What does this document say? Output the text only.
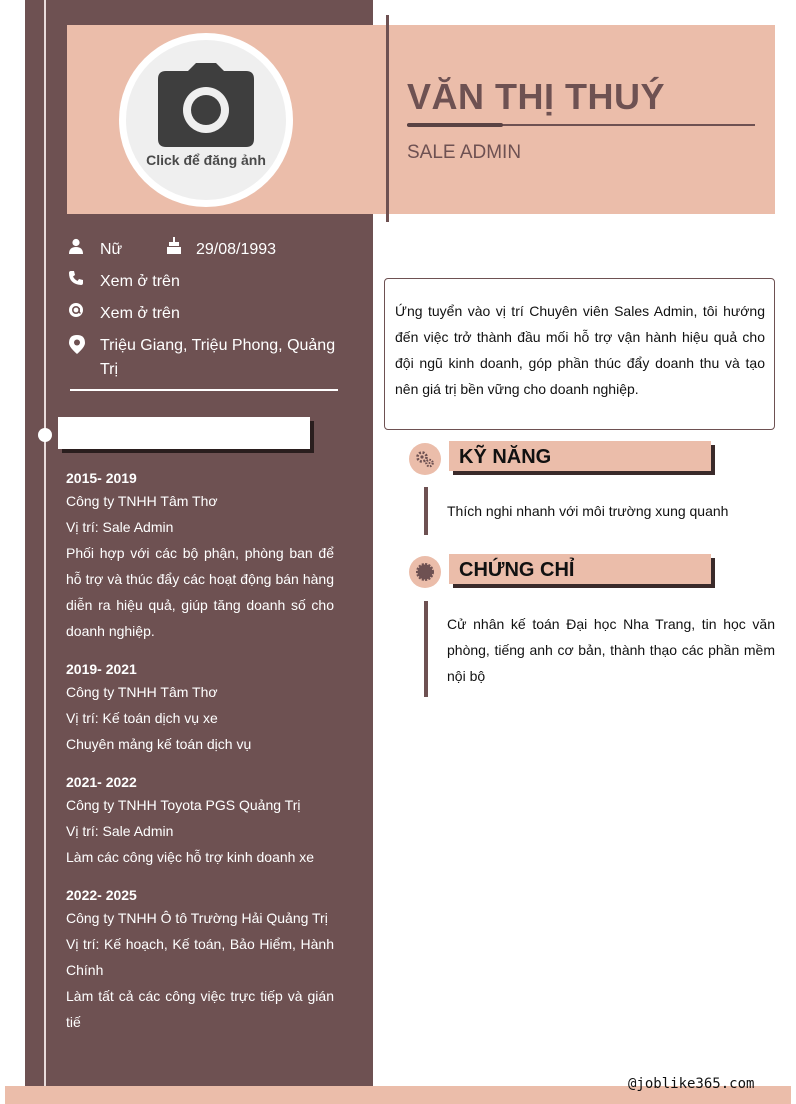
Click để đăng ảnh
VĂN THỊ THUÝ
SALE ADMIN
Nữ	29/08/1993
Xem ở trên
Xem ở trên
Triệu Giang, Triệu Phong, Quảng Trị
2015- 2019
Công ty TNHH Tâm Thơ
Vị trí: Sale Admin
Phối hợp với các bộ phận, phòng ban để hỗ trợ và thúc đẩy các hoạt động bán hàng diễn ra hiệu quả, giúp tăng doanh số cho doanh nghiệp.
2019- 2021
Công ty TNHH Tâm Thơ
Vị trí: Kế toán dịch vụ xe
Chuyên mảng kế toán dịch vụ
2021- 2022
Công ty TNHH Toyota PGS Quảng Trị
Vị trí: Sale Admin
Làm các công việc hỗ trợ kinh doanh xe
2022- 2025
Công ty TNHH Ô tô Trường Hải Quảng Trị
Vị trí: Kế hoạch, Kế toán, Bảo Hiểm, Hành Chính
Làm tất cả các công việc trực tiếp và gián tiế
Ứng tuyển vào vị trí Chuyên viên Sales Admin, tôi hướng đến việc trở thành đầu mối hỗ trợ vận hành hiệu quả cho đội ngũ kinh doanh, góp phần thúc đẩy doanh thu và tạo nên giá trị bền vững cho doanh nghiệp.
KỸ NĂNG
Thích nghi nhanh với môi trường xung quanh
CHỨNG CHỈ
Cử nhân kế toán Đại học Nha Trang, tin học văn phòng, tiếng anh cơ bản, thành thạo các phần mềm nội bộ
@joblike365.com
